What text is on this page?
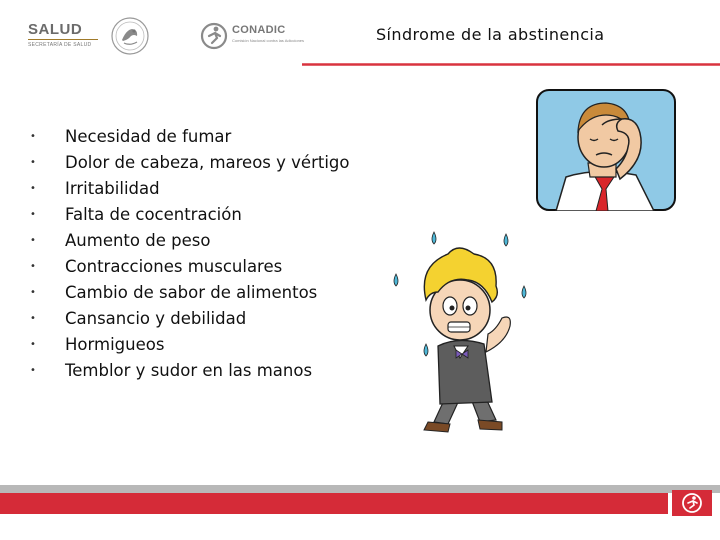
SALUD
SECRETARÍA DE SALUD
CONADIC
Comisión Nacional contra las Adicciones	Síndrome de la abstinencia
•	Necesidad de fumar
•	Dolor de cabeza, mareos y vértigo
•	Irritabilidad
•	Falta de cocentración
•	Aumento de peso
•	Contracciones musculares
•	Cambio de sabor de alimentos
•	Cansancio y debilidad
•	Hormigueos
•	Temblor y sudor en las manos
